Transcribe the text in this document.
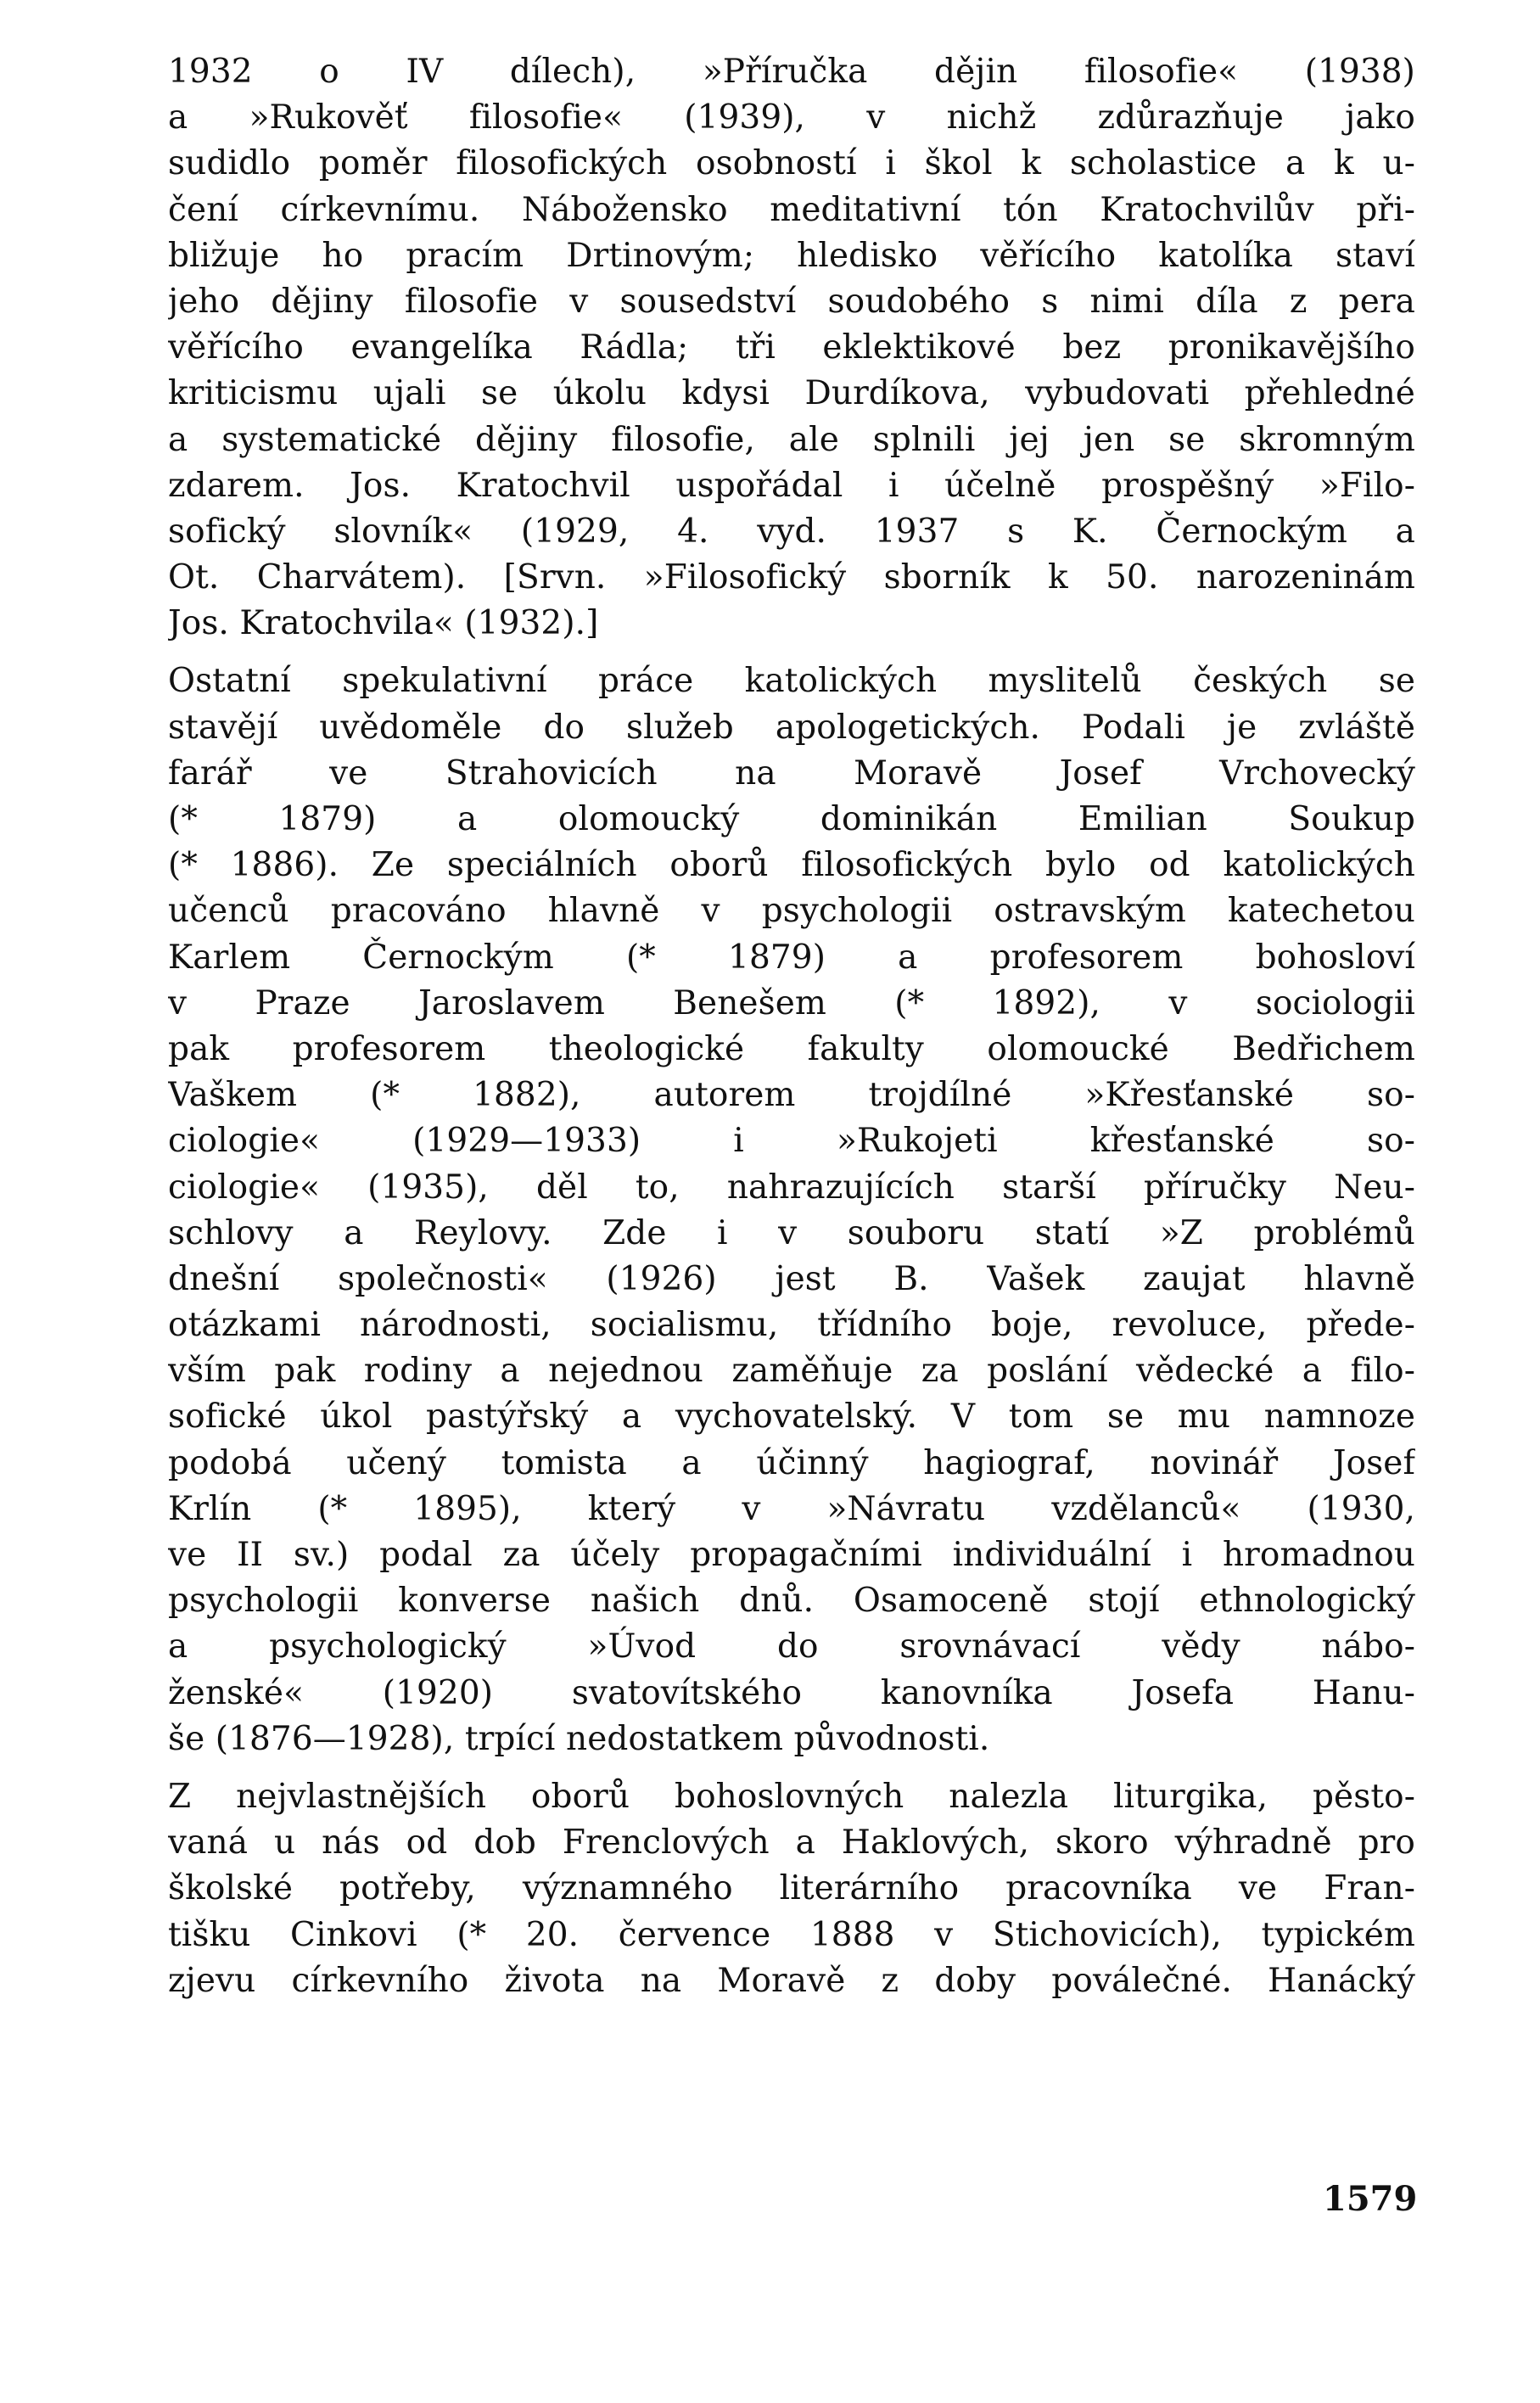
1932 o IV dílech), »Příručka dějin filosofie« (1938)
a »Rukověť filosofie« (1939), v nichž zdůrazňuje jako
sudidlo poměr filosofických osobností i škol k scholastice a k u-
čení církevnímu. Nábožensko meditativní tón Kratochvilův při-
bližuje ho pracím Drtinovým; hledisko věřícího katolíka staví
jeho dějiny filosofie v sousedství soudobého s nimi díla z pera
věřícího evangelíka Rádla; tři eklektikové bez pronikavějšího
kriticismu ujali se úkolu kdysi Durdíkova, vybudovati přehledné
a systematické dějiny filosofie, ale splnili jej jen se skromným
zdarem. Jos. Kratochvil uspořádal i účelně prospěšný »Filo-
sofický slovník« (1929, 4. vyd. 1937 s K. Černockým a
Ot. Charvátem). [Srvn. »Filosofický sborník k 50. narozeninám
Jos. Kratochvila« (1932).]
Ostatní spekulativní práce katolických myslitelů českých se
stavějí uvědoměle do služeb apologetických. Podali je zvláště
farář ve Strahovicích na Moravě Josef Vrchovecký
(* 1879) a olomoucký dominikán Emilian Soukup
(* 1886). Ze speciálních oborů filosofických bylo od katolických
učenců pracováno hlavně v psychologii ostravským katechetou
Karlem Černockým (* 1879) a profesorem bohosloví
v Praze Jaroslavem Benešem (* 1892), v sociologii
pak profesorem theologické fakulty olomoucké Bedřichem
Vaškem (* 1882), autorem trojdílné »Křesťanské so-
ciologie« (1929—1933) i »Rukojeti křesťanské so-
ciologie« (1935), děl to, nahrazujících starší příručky Neu-
schlovy a Reylovy. Zde i v souboru statí »Z problémů
dnešní společnosti« (1926) jest B. Vašek zaujat hlavně
otázkami národnosti, socialismu, třídního boje, revoluce, přede-
vším pak rodiny a nejednou zaměňuje za poslání vědecké a filo-
sofické úkol pastýřský a vychovatelský. V tom se mu namnoze
podobá učený tomista a účinný hagiograf, novinář Josef
Krlín (* 1895), který v »Návratu vzdělanců« (1930,
ve II sv.) podal za účely propagačními individuální i hromadnou
psychologii konverse našich dnů. Osamoceně stojí ethnologický
a psychologický »Úvod do srovnávací vědy nábo-
ženské« (1920) svatovítského kanovníka Josefa Hanu-
še (1876—1928), trpící nedostatkem původnosti.
Z nejvlastnějších oborů bohoslovných nalezla liturgika, pěsto-
vaná u nás od dob Frenclových a Haklových, skoro výhradně pro
školské potřeby, významného literárního pracovníka ve Fran-
tišku Cinkovi (* 20. července 1888 v Stichovicích), typickém
zjevu církevního života na Moravě z doby poválečné. Hanácký
1579
